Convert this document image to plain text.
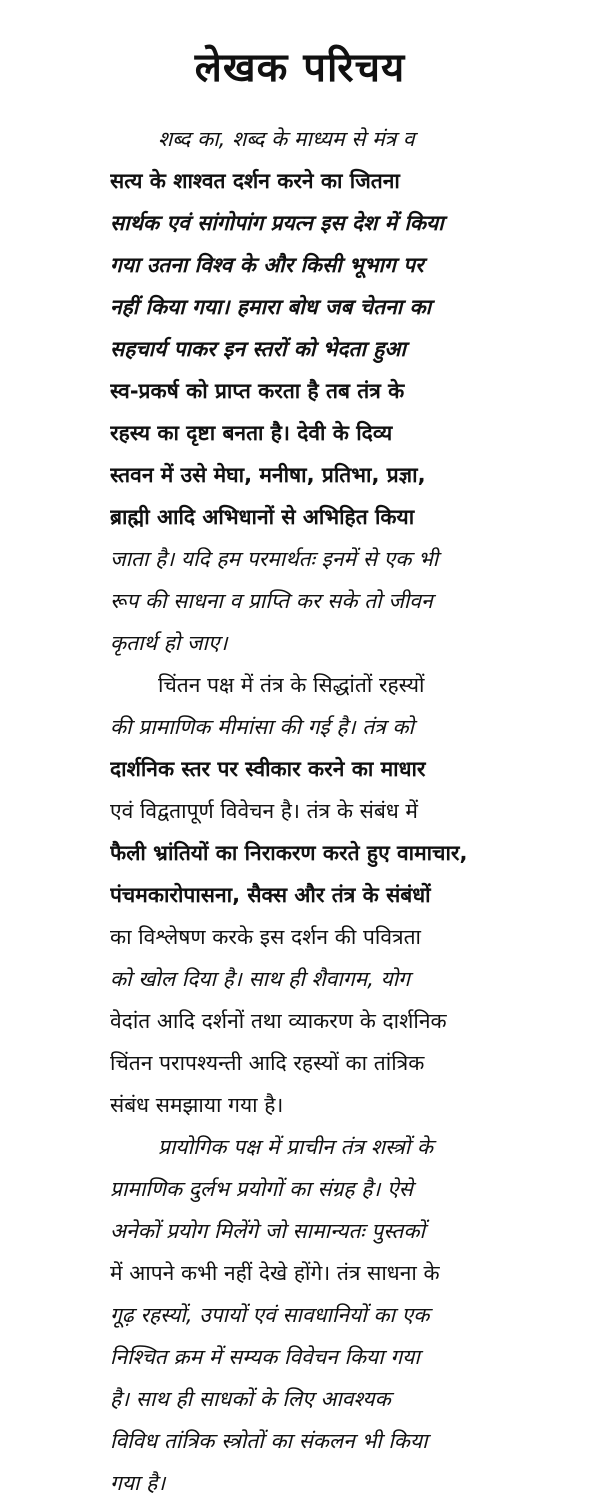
लेखक परिचय
शब्द का, शब्द के माध्यम से मंत्र व
सत्य के शाश्वत दर्शन करने का जितना
सार्थक एवं सांगोपांग प्रयत्न इस देश में किया
गया उतना विश्व के और किसी भूभाग पर
नहीं किया गया। हमारा बोध जब चेतना का
सहचार्य पाकर इन स्तरों को भेदता हुआ
स्व-प्रकर्ष को प्राप्त करता है तब तंत्र के
रहस्य का दृष्टा बनता है। देवी के दिव्य
स्तवन में उसे मेघा, मनीषा, प्रतिभा, प्रज्ञा,
ब्राह्मी आदि अभिधानों से अभिहित किया
जाता है। यदि हम परमार्थतः इनमें से एक भी
रूप की साधना व प्राप्ति कर सके तो जीवन
कृतार्थ हो जाए।
चिंतन पक्ष में तंत्र के सिद्धांतों रहस्यों
की प्रामाणिक मीमांसा की गई है। तंत्र को
दार्शनिक स्तर पर स्वीकार करने का माधार
एवं विद्वतापूर्ण विवेचन है। तंत्र के संबंध में
फैली भ्रांतियों का निराकरण करते हुए वामाचार,
पंचमकारोपासना, सैक्स और तंत्र के संबंधों
का विश्लेषण करके इस दर्शन की पवित्रता
को खोल दिया है। साथ ही शैवागम, योग
वेदांत आदि दर्शनों तथा व्याकरण के दार्शनिक
चिंतन परापश्यन्ती आदि रहस्यों का तांत्रिक
संबंध समझाया गया है।
प्रायोगिक पक्ष में प्राचीन तंत्र शस्त्रों के
प्रामाणिक दुर्लभ प्रयोगों का संग्रह है। ऐसे
अनेकों प्रयोग मिलेंगे जो सामान्यतः पुस्तकों
में आपने कभी नहीं देखे होंगे। तंत्र साधना के
गूढ़ रहस्यों, उपायों एवं सावधानियों का एक
निश्चित क्रम में सम्यक विवेचन किया गया
है। साथ ही साधकों के लिए आवश्यक
विविध तांत्रिक स्त्रोतों का संकलन भी किया
गया है।
